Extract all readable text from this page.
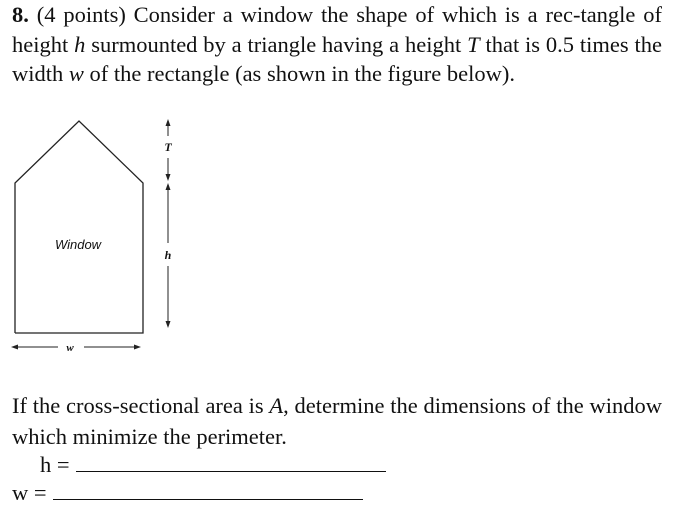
8. (4 points) Consider a window the shape of which is a rec-tangle of height h surmounted by a triangle having a height T that is 0.5 times the width w of the rectangle (as shown in the figure below).

Window
T
h
w
If the cross-sectional area is A, determine the dimensions of the window which minimize the perimeter.
h =
w =
